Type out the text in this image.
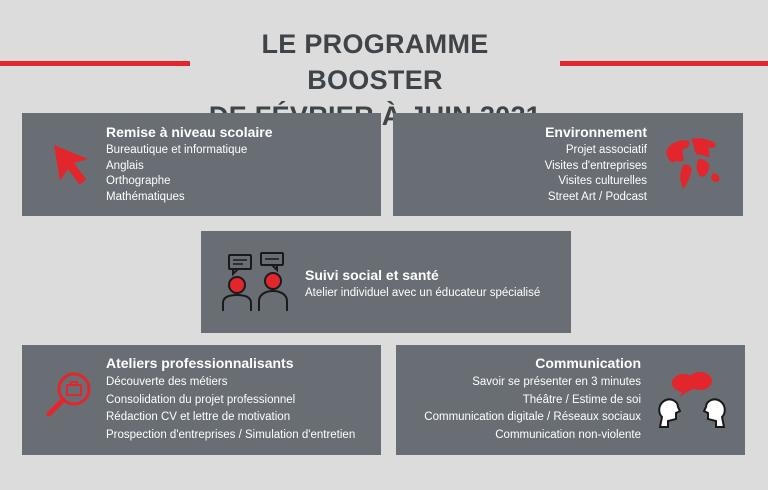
LE PROGRAMME BOOSTER
À
Remise à niveau scolaire
Bureautique et informatique
Anglais
Orthographe
Mathématiques
Environnement
Projet associatif
Visites d'entreprises
Visites culturelles
Street Art / Podcast
Suivi social et santé
Atelier individuel avec un éducateur spécialisé
Ateliers professionnalisants
Découverte des métiers
Consolidation du projet professionnel
Rédaction CV et lettre de motivation
Prospection d'entreprises / Simulation d'entretien
Communication
Savoir se présenter en 3 minutes
Théâtre / Estime de soi
Communication digitale / Réseaux sociaux
Communication non-violente
